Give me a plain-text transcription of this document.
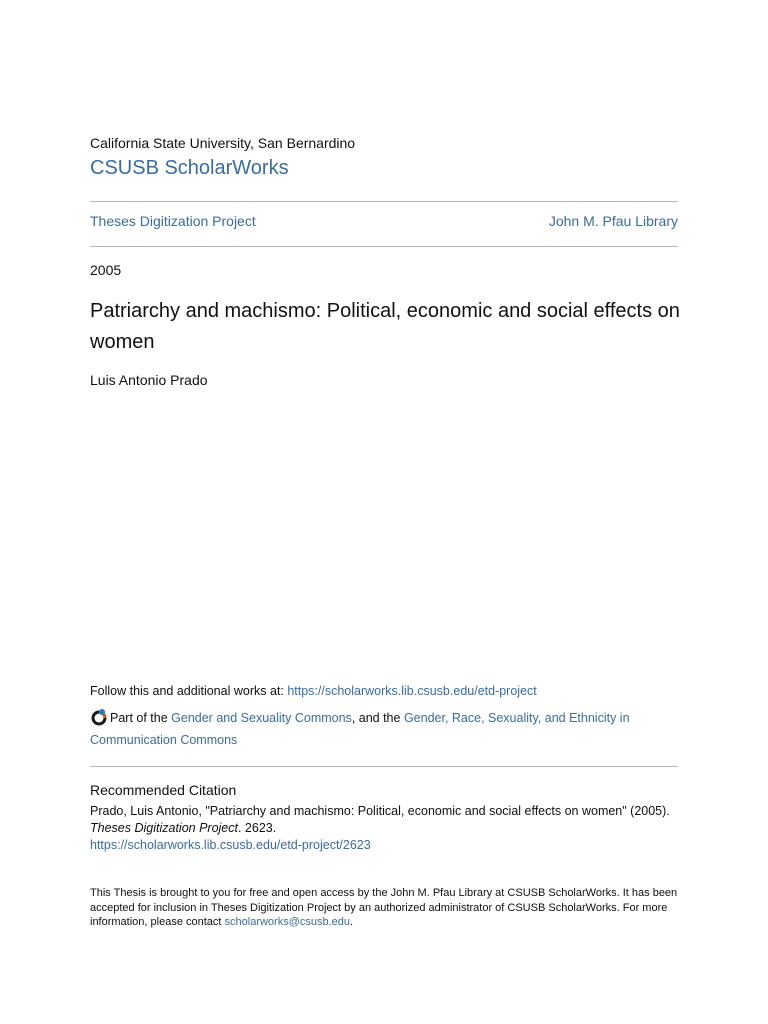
California State University, San Bernardino
CSUSB ScholarWorks
Theses Digitization Project	John M. Pfau Library
2005
Patriarchy and machismo: Political, economic and social effects on women
Luis Antonio Prado
Follow this and additional works at: https://scholarworks.lib.csusb.edu/etd-project
Part of the Gender and Sexuality Commons, and the Gender, Race, Sexuality, and Ethnicity in Communication Commons
Recommended Citation
Prado, Luis Antonio, "Patriarchy and machismo: Political, economic and social effects on women" (2005).
Theses Digitization Project. 2623.
https://scholarworks.lib.csusb.edu/etd-project/2623
This Thesis is brought to you for free and open access by the John M. Pfau Library at CSUSB ScholarWorks. It has been accepted for inclusion in Theses Digitization Project by an authorized administrator of CSUSB ScholarWorks. For more information, please contact scholarworks@csusb.edu.
